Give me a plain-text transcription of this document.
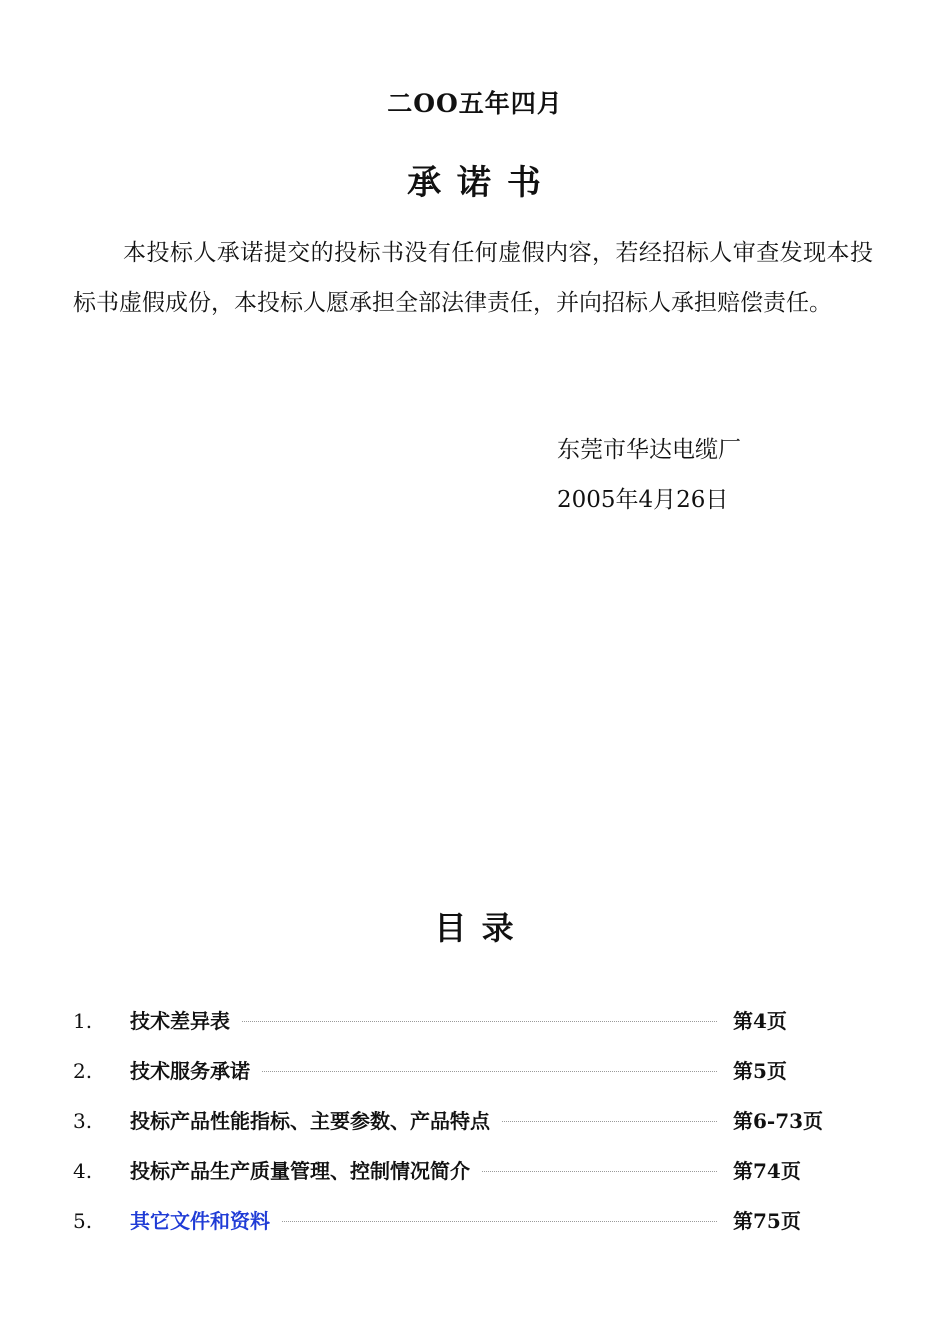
二OO五年四月
承 诺 书

本投标人承诺提交的投标书没有任何虚假内容，若经招标人审查发现本投标书虚假成份，本投标人愿承担全部法律责任，并向招标人承担赔偿责任。

东莞市华达电缆厂
2005年4月26日
目 录
1.	技术差异表	第4页
2.	技术服务承诺	第5页
3.	投标产品性能指标、主要参数、产品特点	第6-73页
4.	投标产品生产质量管理、控制情况简介	第74页
5.	其它文件和资料	第75页
